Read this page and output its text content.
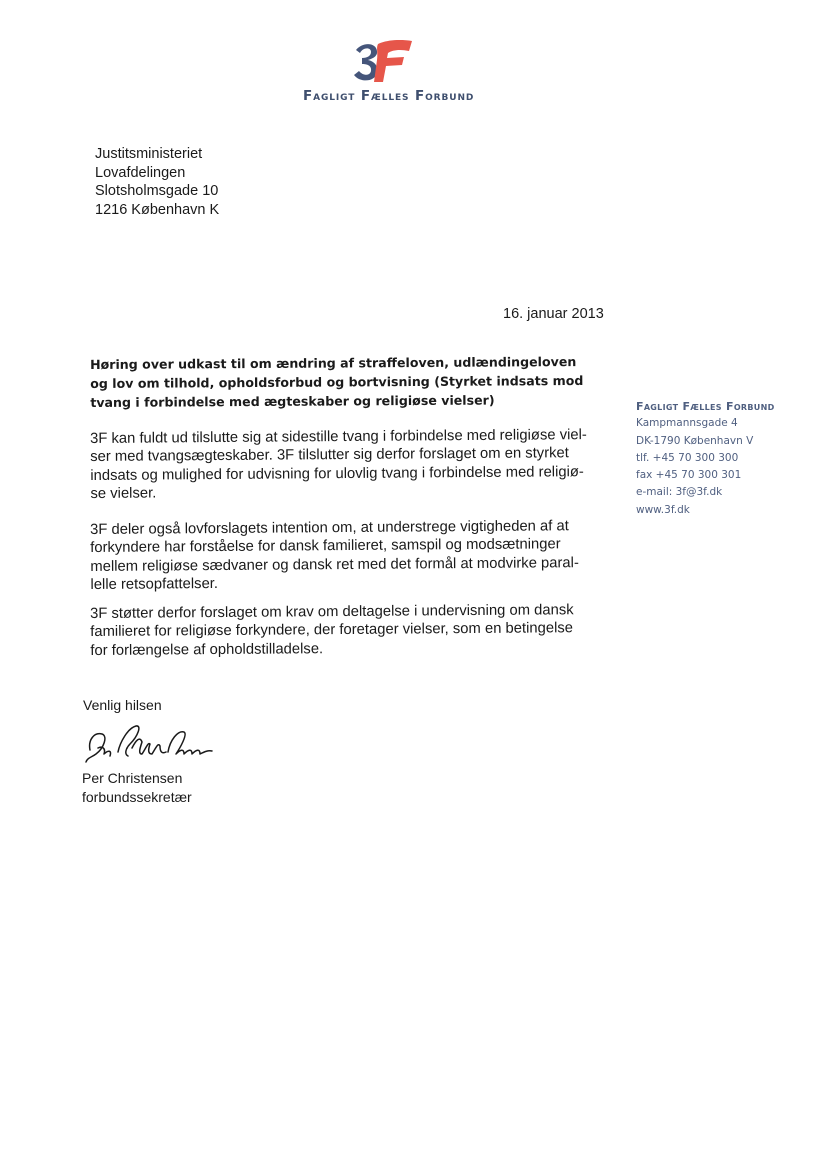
Fagligt Fælles Forbund
Justitsministeriet
Lovafdelingen
Slotsholmsgade 10
1216 København K
16. januar 2013
Høring over udkast til om ændring af straffeloven, udlændingeloven
og lov om tilhold, opholdsforbud og bortvisning (Styrket indsats mod
tvang i forbindelse med ægteskaber og religiøse vielser)	Fagligt Fælles Forbund
Kampmannsgade 4
DK-1790 København V
tlf. +45 70 300 300
fax +45 70 300 301
e-mail: 3f@3f.dk
www.3f.dk
3F kan fuldt ud tilslutte sig at sidestille tvang i forbindelse med religiøse viel-
ser med tvangsægteskaber. 3F tilslutter sig derfor forslaget om en styrket
indsats og mulighed for udvisning for ulovlig tvang i forbindelse med religiø-
se vielser.
3F deler også lovforslagets intention om, at understrege vigtigheden af at
forkyndere har forståelse for dansk familieret, samspil og modsætninger
mellem religiøse sædvaner og dansk ret med det formål at modvirke paral-
lelle retsopfattelser.
3F støtter derfor forslaget om krav om deltagelse i undervisning om dansk
familieret for religiøse forkyndere, der foretager vielser, som en betingelse
for forlængelse af opholdstilladelse.
Venlig hilsen
Per Christensen
forbundssekretær
